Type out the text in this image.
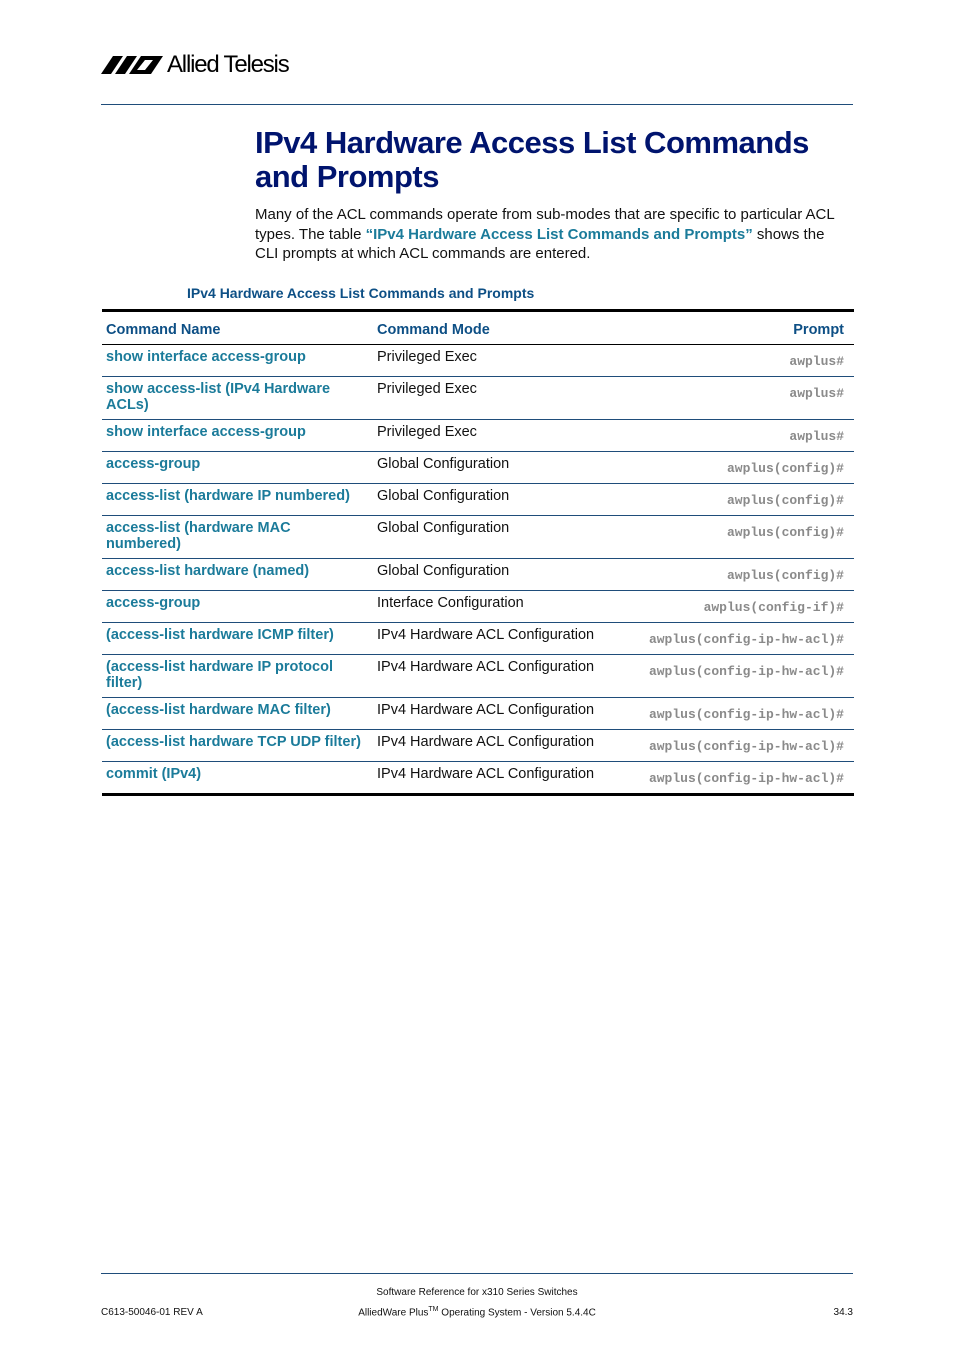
Allied Telesis
IPv4 Hardware Access List Commands and Prompts

Many of the ACL commands operate from sub-modes that are specific to particular ACL types. The table “IPv4 Hardware Access List Commands and Prompts” shows the CLI prompts at which ACL commands are entered.

IPv4 Hardware Access List Commands and Prompts

Command Name	Command Mode	Prompt
show interface access-group	Privileged Exec	awplus#
show access-list (IPv4 Hardware ACLs)	Privileged Exec	awplus#
show interface access-group	Privileged Exec	awplus#
access-group	Global Configuration	awplus(config)#
access-list (hardware IP numbered)	Global Configuration	awplus(config)#
access-list (hardware MAC numbered)	Global Configuration	awplus(config)#
access-list hardware (named)	Global Configuration	awplus(config)#
access-group	Interface Configuration	awplus(config-if)#
(access-list hardware ICMP filter)	IPv4 Hardware ACL Configuration	awplus(config-ip-hw-acl)#
(access-list hardware IP protocol filter)	IPv4 Hardware ACL Configuration	awplus(config-ip-hw-acl)#
(access-list hardware MAC filter)	IPv4 Hardware ACL Configuration	awplus(config-ip-hw-acl)#
(access-list hardware TCP UDP filter)	IPv4 Hardware ACL Configuration	awplus(config-ip-hw-acl)#
commit (IPv4)	IPv4 Hardware ACL Configuration	awplus(config-ip-hw-acl)#
Software Reference for x310 Series Switches
AlliedWare Plus™ Operating System - Version 5.4.4C
C613-50046-01 REV A	34.3
